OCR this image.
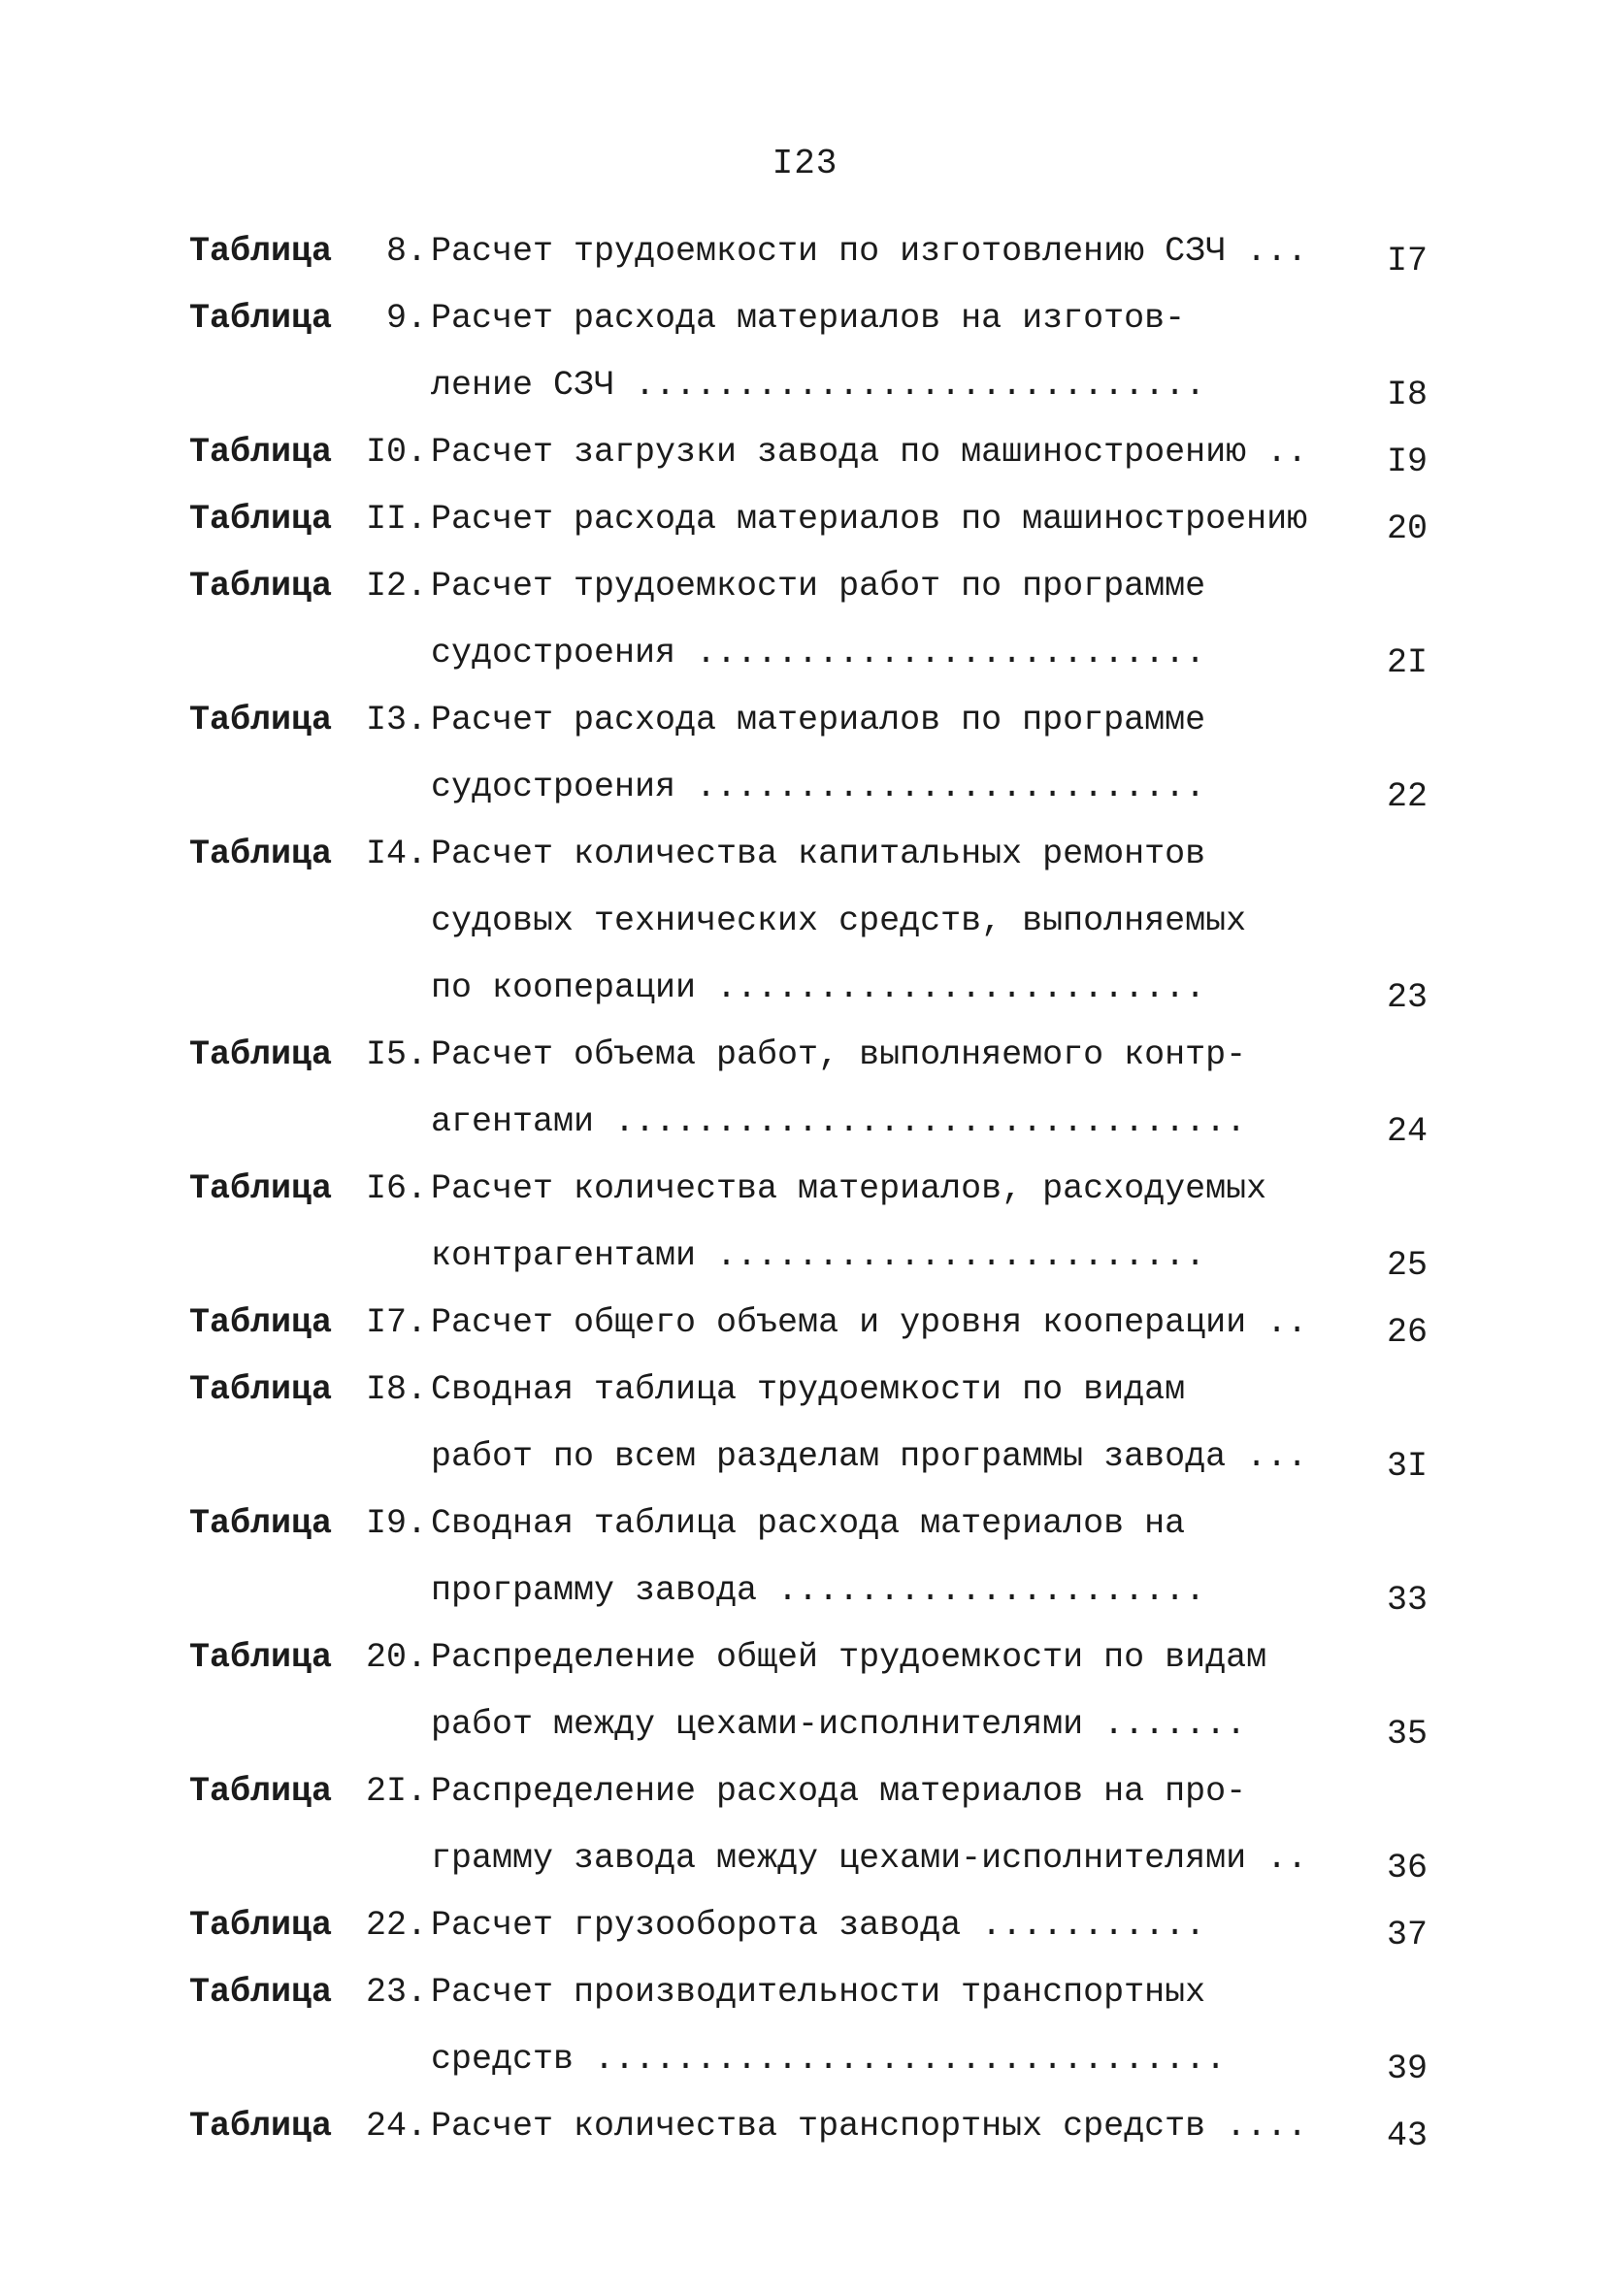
I23
Таблица	8. Расчет трудоемкости по изготовлению СЗЧ ...	I7
Таблица	9. Расчет расхода материалов на изготов-
ление СЗЧ ............................	I8
Таблица I0. Расчет загрузки завода по машиностроению ..	I9
Таблица II. Расчет расхода материалов по машиностроению	20
Таблица I2. Расчет трудоемкости работ по программе
судостроения .........................	2I
Таблица I3. Расчет расхода материалов по программе
судостроения .........................	22
Таблица I4. Расчет количества капитальных ремонтов
судовых технических средств, выполняемых
по кооперации ........................	23
Таблица I5. Расчет объема работ, выполняемого контр-
агентами ...............................	24
Таблица I6. Расчет количества материалов, расходуемых
контрагентами ........................	25
Таблица I7. Расчет общего объема и уровня кооперации ..	26
Таблица I8. Сводная таблица трудоемкости по видам
работ по всем разделам программы завода ...	3I
Таблица I9. Сводная таблица расхода материалов на
программу завода .....................	33
Таблица 20. Распределение общей трудоемкости по видам
работ между цехами-исполнителями .......	35
Таблица 2I. Распределение расхода материалов на про-
грамму завода между цехами-исполнителями ..	36
Таблица 22. Расчет грузооборота завода ...........	37
Таблица 23. Расчет производительности транспортных
средств ...............................	39
Таблица 24. Расчет количества транспортных средств ....	43
